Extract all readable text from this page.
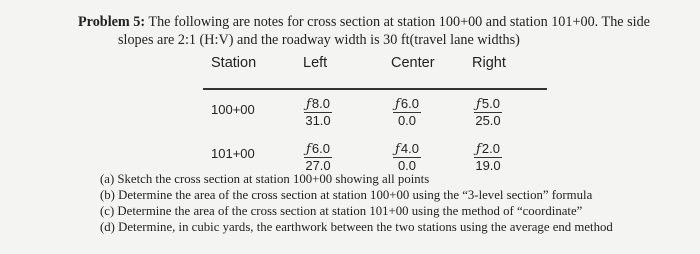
Problem 5: The following are notes for cross section at station 100+00 and station 101+00. The side
slopes are 2:1 (H:V) and the roadway width is 30 ft(travel lane widths)
Station	Left	Center	Right
100+00	ƒ $\frac{8.0}{31.0}$	ƒ $\frac{6.0}{0.0}$	ƒ $\frac{5.0}{25.0}$
101+00	ƒ $\frac{6.0}{27.0}$	ƒ $\frac{4.0}{0.0}$	ƒ $\frac{2.0}{19.0}$
(a) Sketch the cross section at station 100+00 showing all points
(b) Determine the area of the cross section at station 100+00 using the “3-level section” formula
(c) Determine the area of the cross section at station 101+00 using the method of “coordinate”
(d) Determine, in cubic yards, the earthwork between the two stations using the average end method
